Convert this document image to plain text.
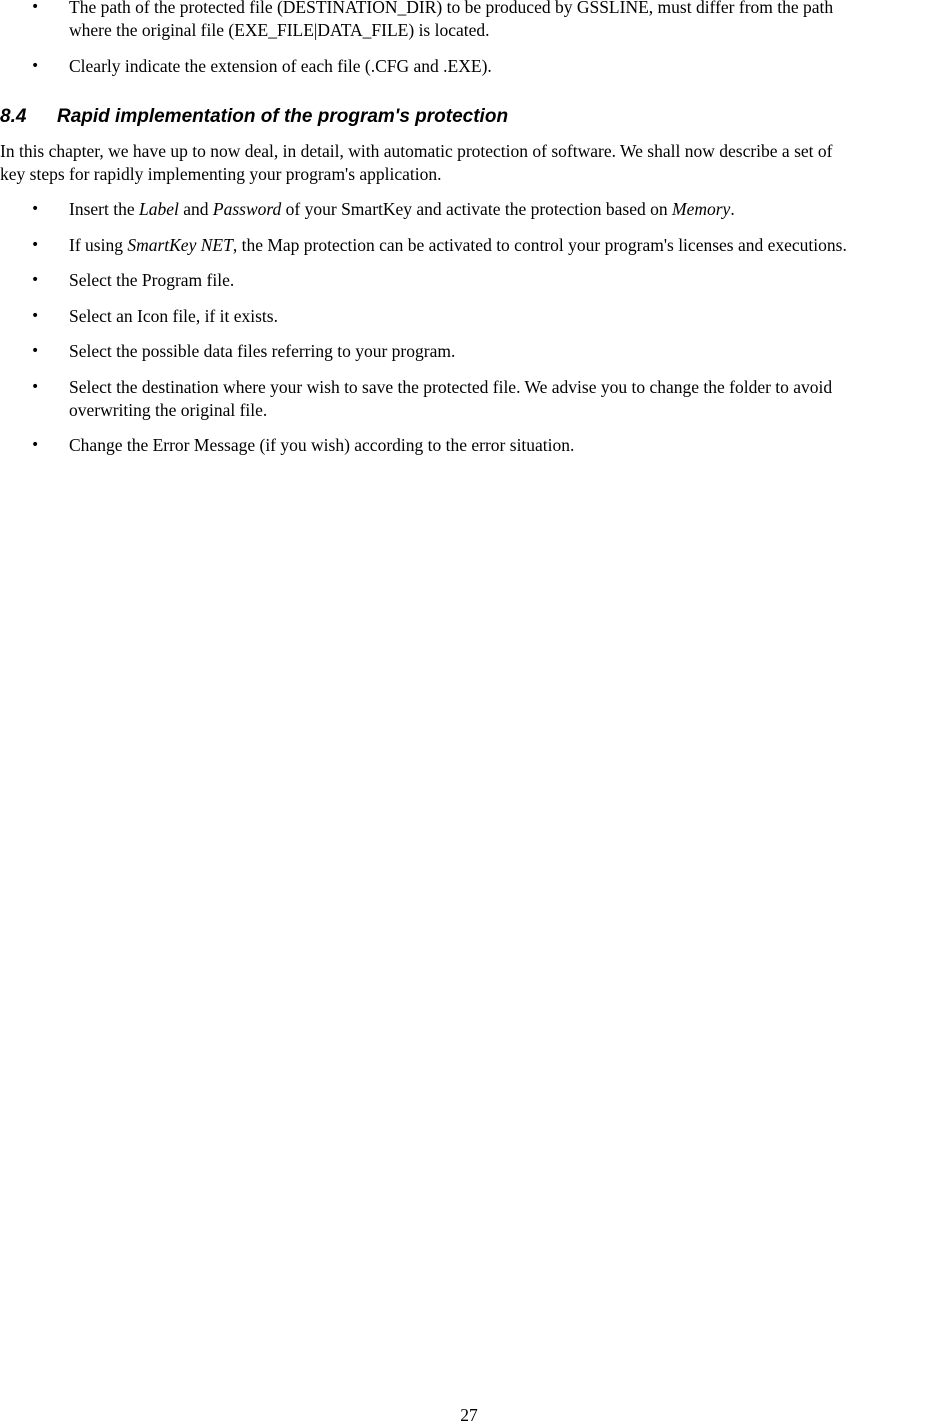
• The path of the protected file (DESTINATION_DIR) to be produced by GSSLINE, must differ from the path
where the original file (EXE_FILE|DATA_FILE) is located.
• Clearly indicate the extension of each file (.CFG and .EXE).
8.4 Rapid implementation of the program's protection

In this chapter, we have up to now deal, in detail, with automatic protection of software. We shall now describe a set of
key steps for rapidly implementing your program's application.

• Insert the Label and Password of your SmartKey and activate the protection based on Memory.
• If using SmartKey NET, the Map protection can be activated to control your program's licenses and executions.
• Select the Program file.
• Select an Icon file, if it exists.
• Select the possible data files referring to your program.
• Select the destination where your wish to save the protected file. We advise you to change the folder to avoid
overwriting the original file.
• Change the Error Message (if you wish) according to the error situation.
27
